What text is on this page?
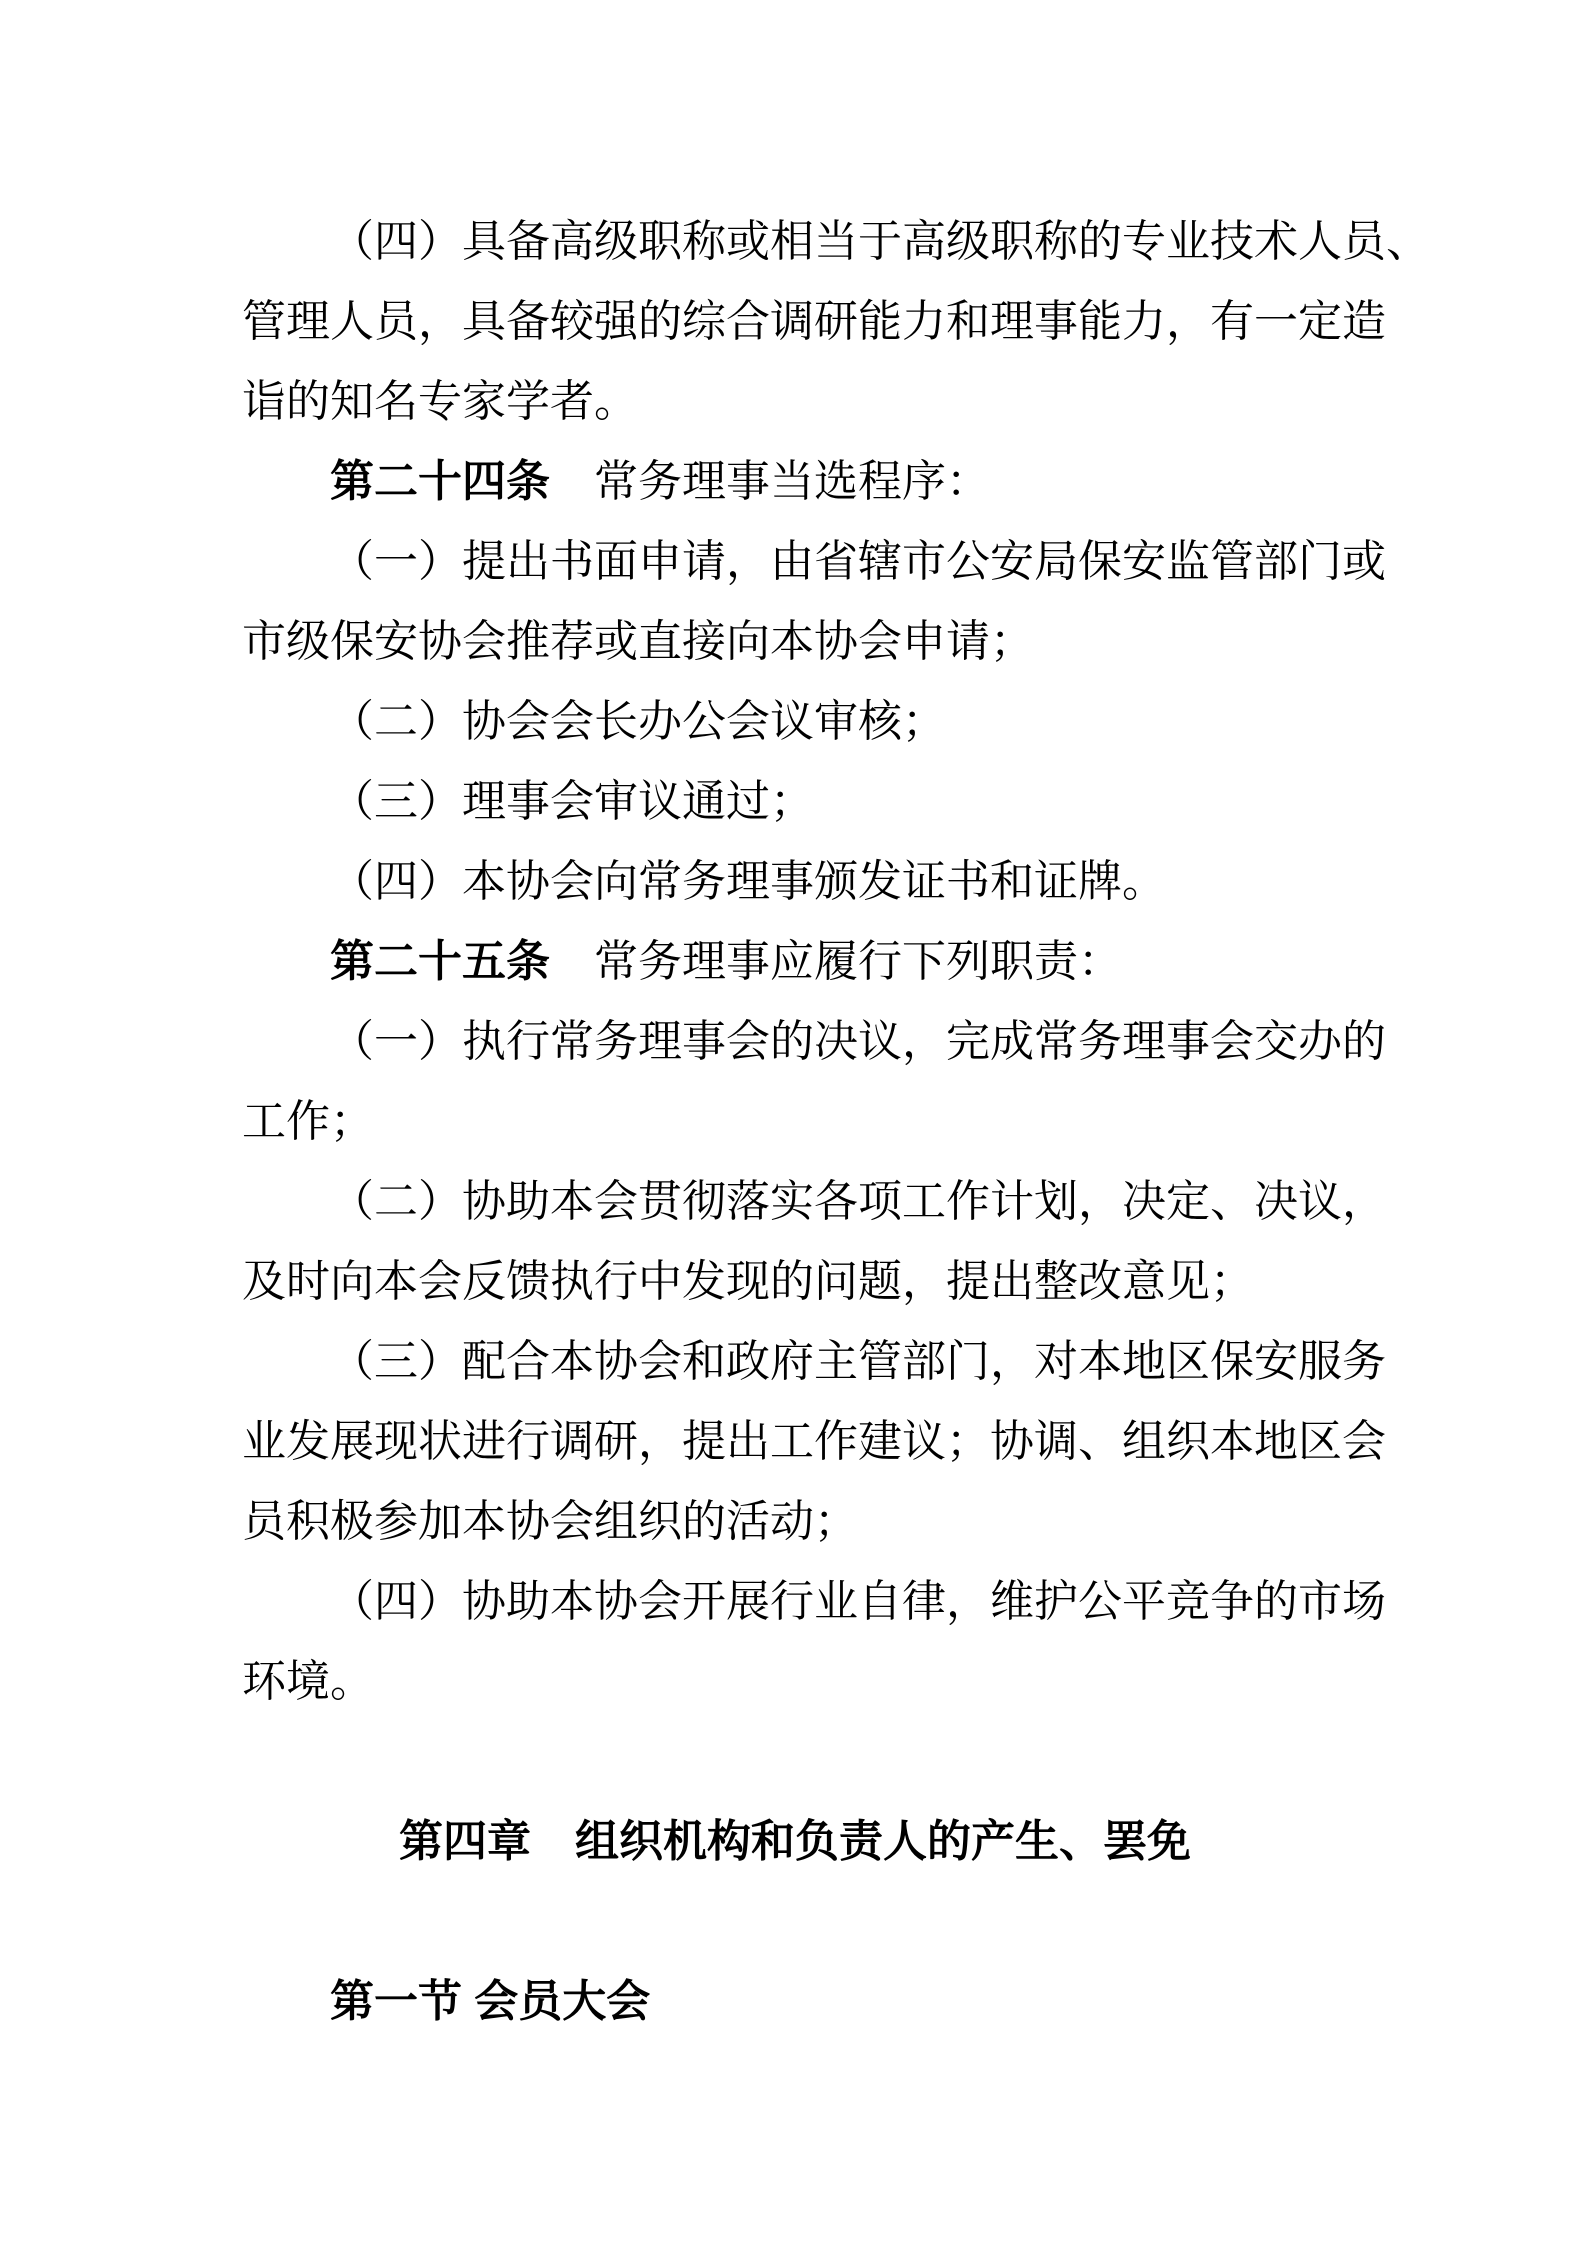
（四）具备高级职称或相当于高级职称的专业技术人员、
管理人员，具备较强的综合调研能力和理事能力，有一定造
诣的知名专家学者。
第二十四条　常务理事当选程序：
（一）提出书面申请，由省辖市公安局保安监管部门或
市级保安协会推荐或直接向本协会申请；
（二）协会会长办公会议审核；
（三）理事会审议通过；
（四）本协会向常务理事颁发证书和证牌。
第二十五条　常务理事应履行下列职责：
（一）执行常务理事会的决议，完成常务理事会交办的
工作；
（二）协助本会贯彻落实各项工作计划，决定、决议，
及时向本会反馈执行中发现的问题，提出整改意见；
（三）配合本协会和政府主管部门，对本地区保安服务
业发展现状进行调研，提出工作建议；协调、组织本地区会
员积极参加本协会组织的活动；
（四）协助本协会开展行业自律，维护公平竞争的市场
环境。
第四章　组织机构和负责人的产生、罢免
第一节 会员大会
